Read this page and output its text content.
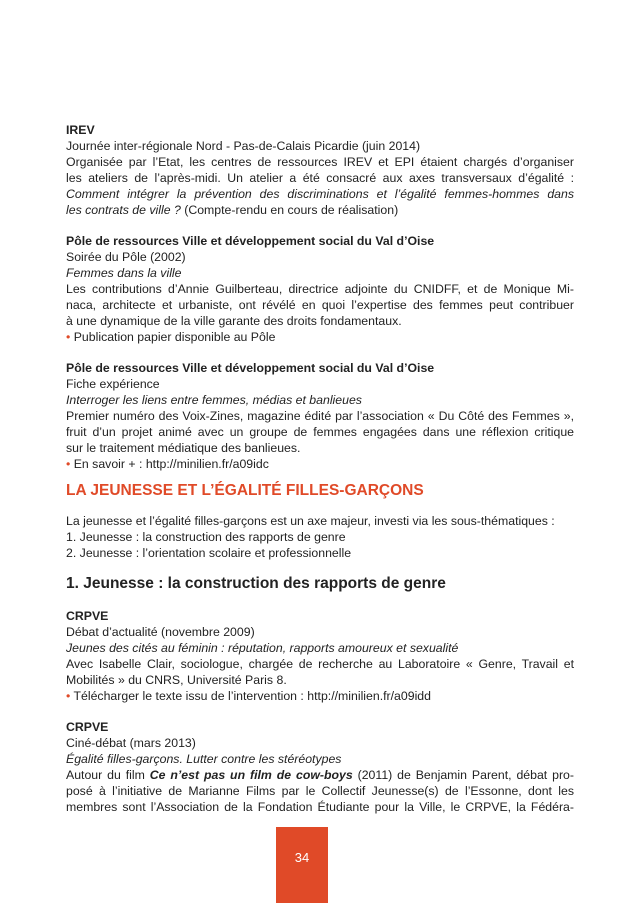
IREV
Journée inter-régionale Nord - Pas-de-Calais Picardie (juin 2014)
Organisée par l’Etat, les centres de ressources IREV et EPI étaient chargés d’organiser
les ateliers de l’après-midi. Un atelier a été consacré aux axes transversaux d’égalité :
Comment intégrer la prévention des discriminations et l’égalité femmes-hommes dans
les contrats de ville ? (Compte-rendu en cours de réalisation)
Pôle de ressources Ville et développement social du Val d’Oise
Soirée du Pôle (2002)
Femmes dans la ville
Les contributions d’Annie Guilberteau, directrice adjointe du CNIDFF, et de Monique Mi-
naca, architecte et urbaniste, ont révélé en quoi l’expertise des femmes peut contribuer
à une dynamique de la ville garante des droits fondamentaux.
• Publication papier disponible au Pôle
Pôle de ressources Ville et développement social du Val d’Oise
Fiche expérience
Interroger les liens entre femmes, médias et banlieues
Premier numéro des Voix-Zines, magazine édité par l’association « Du Côté des Femmes »,
fruit d’un projet animé avec un groupe de femmes engagées dans une réflexion critique
sur le traitement médiatique des banlieues.
• En savoir + : http://minilien.fr/a09idc
LA JEUNESSE ET L’ÉGALITÉ FILLES-GARÇONS
La jeunesse et l’égalité filles-garçons est un axe majeur, investi via les sous-thématiques :
1. Jeunesse : la construction des rapports de genre
2. Jeunesse : l’orientation scolaire et professionnelle
1. Jeunesse : la construction des rapports de genre
CRPVE
Débat d’actualité (novembre 2009)
Jeunes des cités au féminin : réputation, rapports amoureux et sexualité
Avec Isabelle Clair, sociologue, chargée de recherche au Laboratoire « Genre, Travail et
Mobilités » du CNRS, Université Paris 8.
• Télécharger le texte issu de l’intervention : http://minilien.fr/a09idd
CRPVE
Ciné-débat (mars 2013)
Égalité filles-garçons. Lutter contre les stéréotypes
Autour du film Ce n’est pas un film de cow-boys (2011) de Benjamin Parent, débat pro-
posé à l’initiative de Marianne Films par le Collectif Jeunesse(s) de l’Essonne, dont les
membres sont l’Association de la Fondation Étudiante pour la Ville, le CRPVE, la Fédéra-
34
